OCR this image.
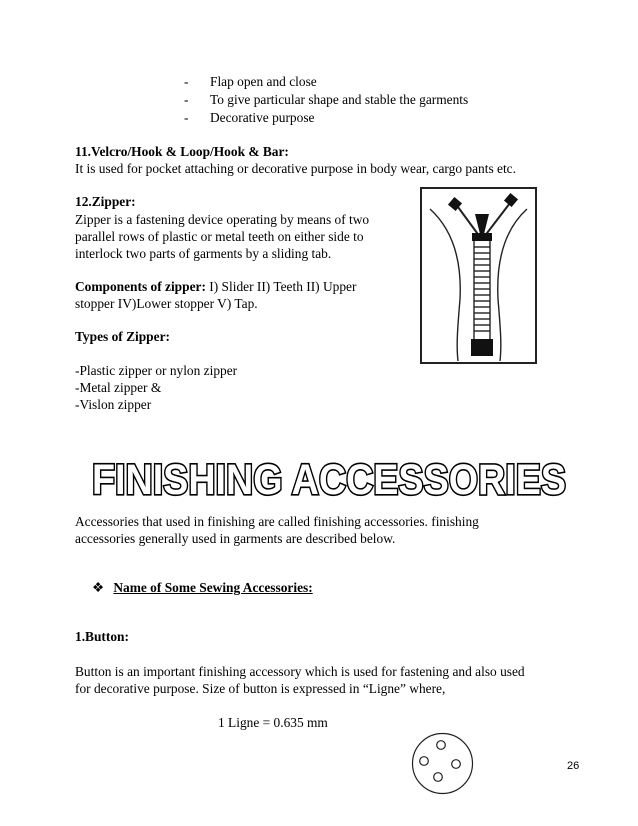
- Flap open and close
- To give particular shape and stable the garments
- Decorative purpose
11.Velcro/Hook & Loop/Hook & Bar:
It is used for pocket attaching or decorative purpose in body wear, cargo pants etc.
12.Zipper:
Zipper is a fastening device operating by means of two
parallel rows of plastic or metal teeth on either side to
interlock two parts of garments by a sliding tab.
Components of zipper: I) Slider II) Teeth II) Upper
stopper IV)Lower stopper V) Tap.
Types of Zipper:
-Plastic zipper or nylon zipper
-Metal zipper &
-Vislon zipper
FINISHING ACCESSORIES
Accessories that used in finishing are called finishing accessories. finishing
accessories generally used in garments are described below.
❖ Name of Some Sewing Accessories:
1.Button:
Button is an important finishing accessory which is used for fastening and also used
for decorative purpose. Size of button is expressed in “Ligne” where,
1 Ligne = 0.635 mm
26
